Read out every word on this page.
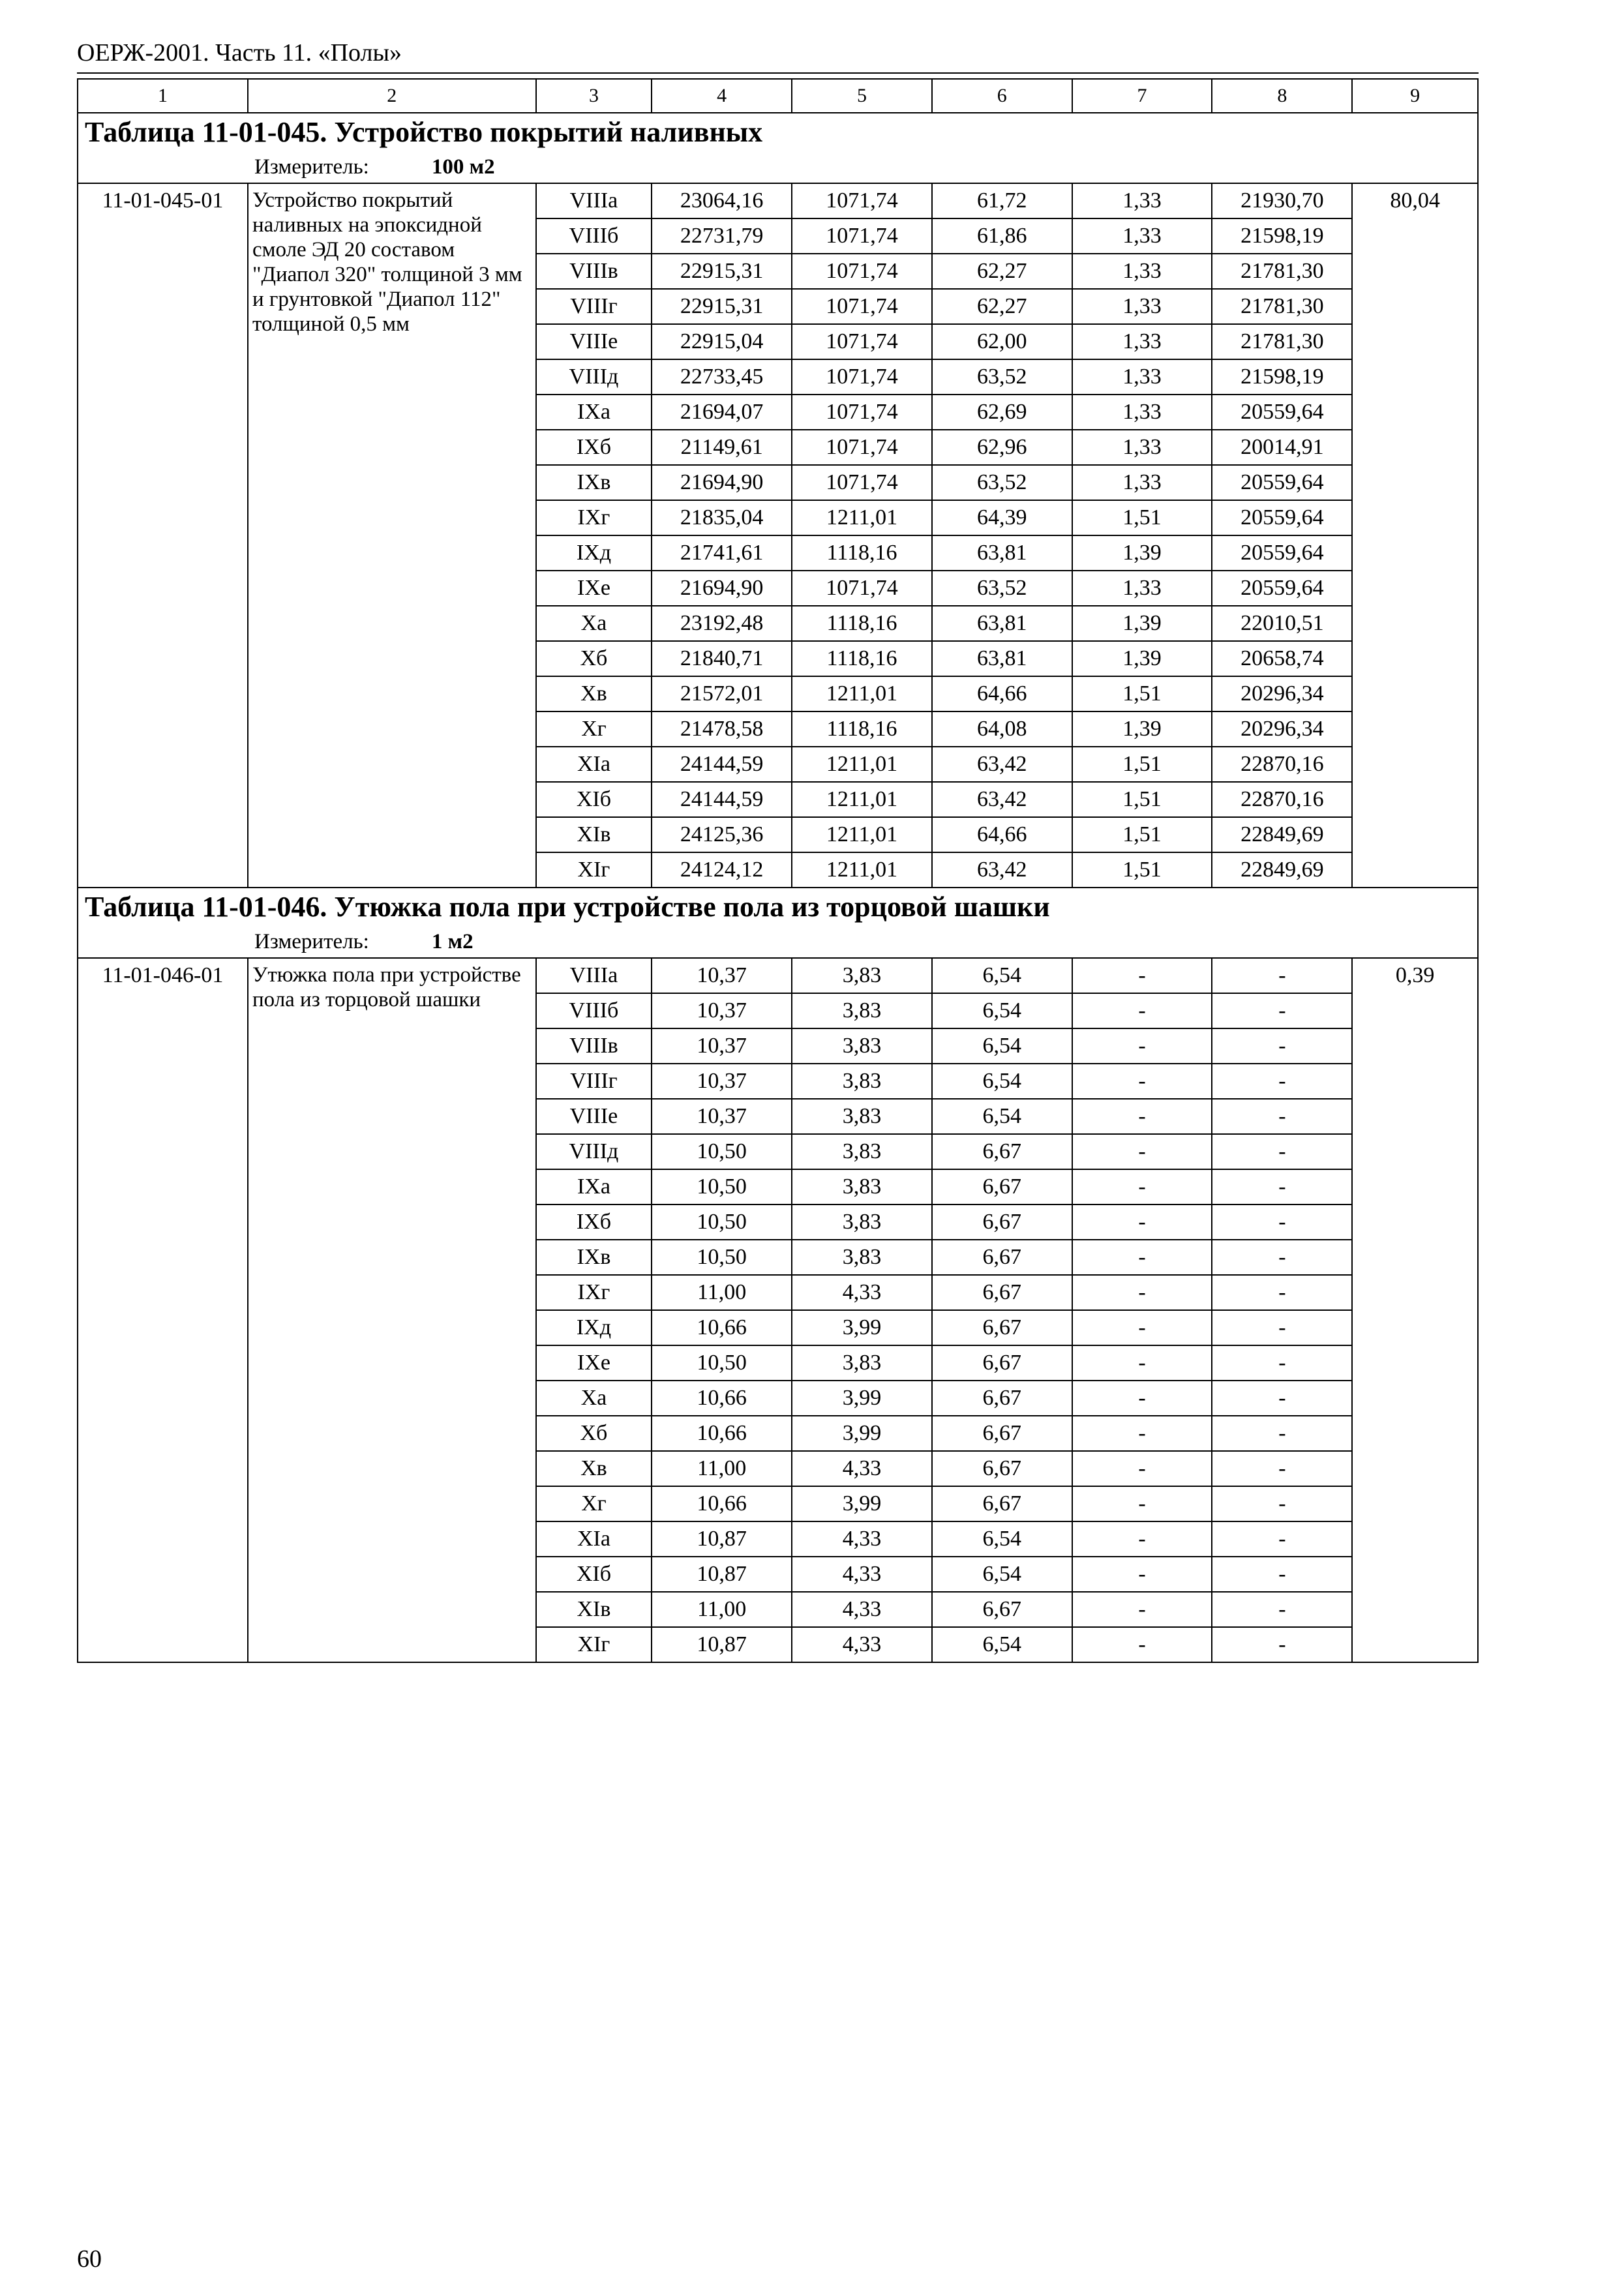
ОЕРЖ-2001. Часть 11. «Полы»
1	2	3	4	5	6	7	8	9
Таблица 11-01-045. Устройство покрытий наливных								
Измеритель: 100 м2								
11-01-045-01	Устройство покрытий наливных на эпоксидной смоле ЭД 20 составом "Диапол 320" толщиной 3 мм и грунтовкой "Диапол 112" толщиной 0,5 мм	VIIIа	23064,16	1071,74	61,72	1,33	21930,70	80,04
		VIIIб	22731,79	1071,74	61,86	1,33	21598,19	
		VIIIв	22915,31	1071,74	62,27	1,33	21781,30	
		VIIIг	22915,31	1071,74	62,27	1,33	21781,30	
		VIIIе	22915,04	1071,74	62,00	1,33	21781,30	
		VIIIд	22733,45	1071,74	63,52	1,33	21598,19	
		IXа	21694,07	1071,74	62,69	1,33	20559,64	
		IXб	21149,61	1071,74	62,96	1,33	20014,91	
		IXв	21694,90	1071,74	63,52	1,33	20559,64	
		IXг	21835,04	1211,01	64,39	1,51	20559,64	
		IXд	21741,61	1118,16	63,81	1,39	20559,64	
		IXе	21694,90	1071,74	63,52	1,33	20559,64	
		Xа	23192,48	1118,16	63,81	1,39	22010,51	
		Xб	21840,71	1118,16	63,81	1,39	20658,74	
		Xв	21572,01	1211,01	64,66	1,51	20296,34	
		Xг	21478,58	1118,16	64,08	1,39	20296,34	
		XIа	24144,59	1211,01	63,42	1,51	22870,16	
		XIб	24144,59	1211,01	63,42	1,51	22870,16	
		XIв	24125,36	1211,01	64,66	1,51	22849,69	
		XIг	24124,12	1211,01	63,42	1,51	22849,69	
Таблица 11-01-046. Утюжка пола при устройстве пола из торцовой шашки								
Измеритель: 1 м2								
11-01-046-01	Утюжка пола при устройстве пола из торцовой шашки	VIIIа	10,37	3,83	6,54	-	-	0,39
		VIIIб	10,37	3,83	6,54	-	-	
		VIIIв	10,37	3,83	6,54	-	-	
		VIIIг	10,37	3,83	6,54	-	-	
		VIIIе	10,37	3,83	6,54	-	-	
		VIIIд	10,50	3,83	6,67	-	-	
		IXа	10,50	3,83	6,67	-	-	
		IXб	10,50	3,83	6,67	-	-	
		IXв	10,50	3,83	6,67	-	-	
		IXг	11,00	4,33	6,67	-	-	
		IXд	10,66	3,99	6,67	-	-	
		IXе	10,50	3,83	6,67	-	-	
		Xа	10,66	3,99	6,67	-	-	
		Xб	10,66	3,99	6,67	-	-	
		Xв	11,00	4,33	6,67	-	-	
		Xг	10,66	3,99	6,67	-	-	
		XIа	10,87	4,33	6,54	-	-	
		XIб	10,87	4,33	6,54	-	-	
		XIв	11,00	4,33	6,67	-	-	
		XIг	10,87	4,33	6,54	-	-	
60
